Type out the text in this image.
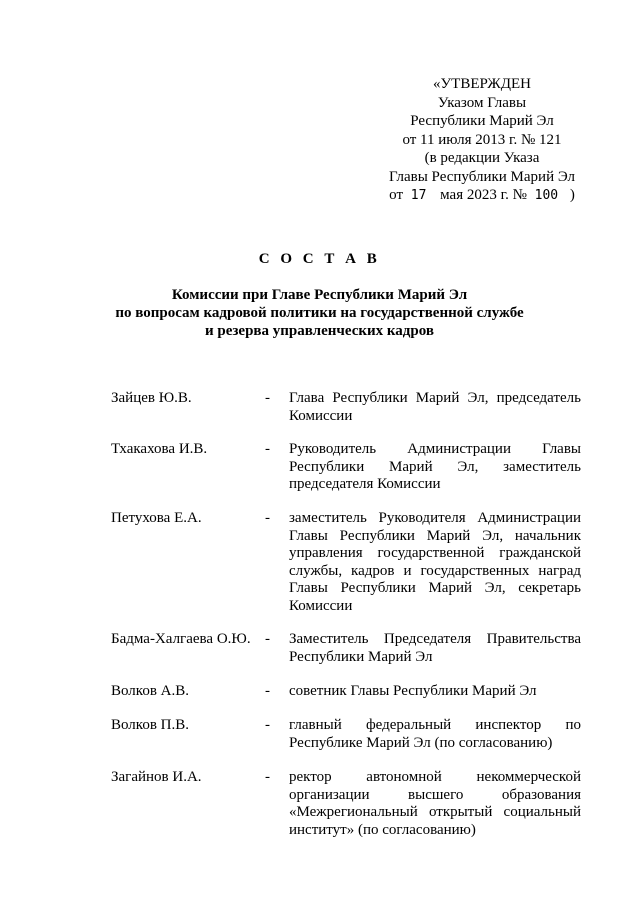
«УТВЕРЖДЕН
Указом Главы
Республики Марий Эл
от 11 июля 2013 г. № 121
(в редакции Указа
Главы Республики Марий Эл
от 17 мая 2023 г. № 100 )
С О С Т А В
Комиссии при Главе Республики Марий Эл
по вопросам кадровой политики на государственной службе
и резерва управленческих кадров
Зайцев Ю.В.	-	Глава Республики Марий Эл, председатель Комиссии
Тхакахова И.В.	-	Руководитель Администрации Главы Республики Марий Эл, заместитель председателя Комиссии
Петухова Е.А.	-	заместитель Руководителя Администрации Главы Республики Марий Эл, начальник управления государственной гражданской службы, кадров и государственных наград Главы Республики Марий Эл, секретарь Комиссии
Бадма-Халгаева О.Ю. -	Заместитель Председателя Правительства Республики Марий Эл
Волков А.В.	-	советник Главы Республики Марий Эл
Волков П.В.	-	главный федеральный инспектор по Республике Марий Эл (по согласованию)
Загайнов И.А.	-	ректор автономной некоммерческой организации высшего образования «Межрегиональный открытый социальный институт» (по согласованию)
